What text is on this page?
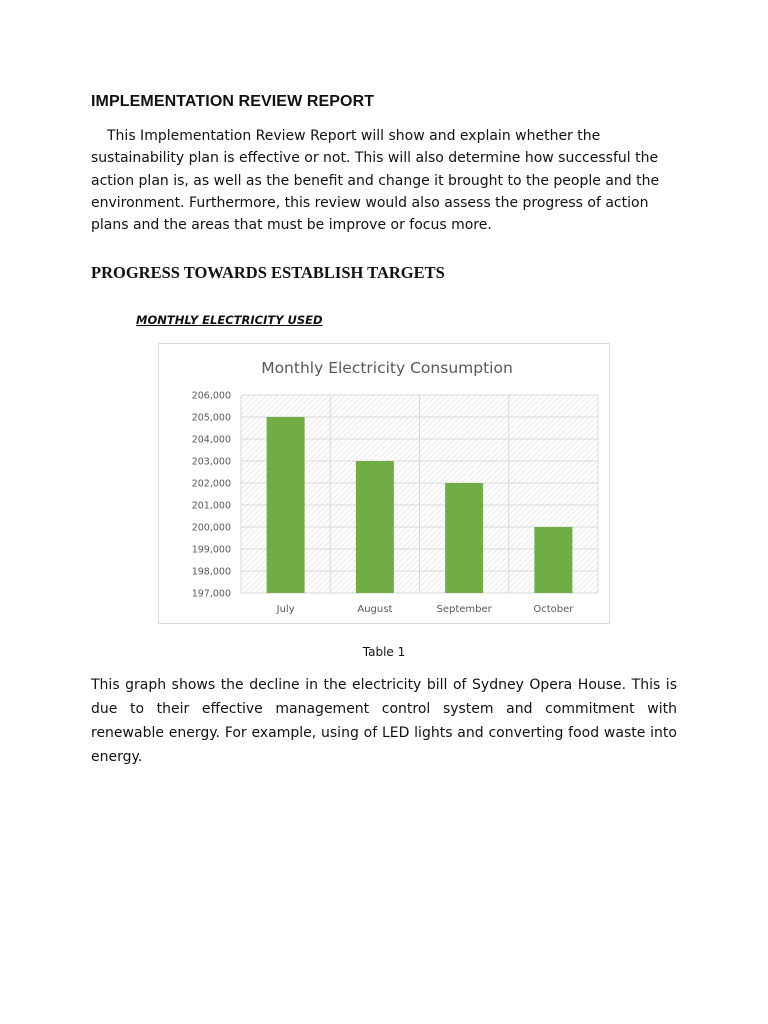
IMPLEMENTATION REVIEW REPORT

This Implementation Review Report will show and explain whether the
sustainability plan is effective or not. This will also determine how successful the
action plan is, as well as the benefit and change it brought to the people and the
environment. Furthermore, this review would also assess the progress of action
plans and the areas that must be improve or focus more.

PROGRESS TOWARDS ESTABLISH TARGETS

MONTHLY ELECTRICITY USED

Monthly Electricity Consumption
197,000
198,000
199,000
200,000
201,000
202,000
203,000
204,000
205,000
206,000
July	August	September	October

Table 1

This graph shows the decline in the electricity bill of Sydney Opera House. This is due to their effective management control system and commitment with renewable energy. For example, using of LED lights and converting food waste into energy.
